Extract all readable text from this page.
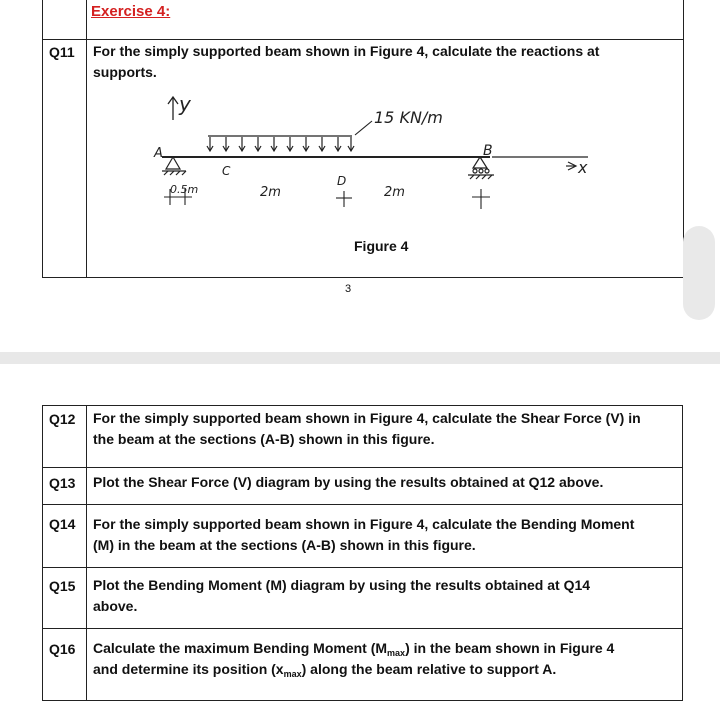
Exercise 4:
Q11 For the simply supported beam shown in Figure 4, calculate the reactions at
supports.
y
15 KN/m
A	B
x
C
D
0.5m	2m	2m
Figure 4
3
Q12 For the simply supported beam shown in Figure 4, calculate the Shear Force (V) in
the beam at the sections (A-B) shown in this figure.
Q13 Plot the Shear Force (V) diagram by using the results obtained at Q12 above.
Q14 For the simply supported beam shown in Figure 4, calculate the Bending Moment
(M) in the beam at the sections (A-B) shown in this figure.
Q15 Plot the Bending Moment (M) diagram by using the results obtained at Q14
above.
Q16 Calculate the maximum Bending Moment $(M_{max})$ in the beam shown in Figure 4
and determine its position $(x_{max})$ along the beam relative to support A.
